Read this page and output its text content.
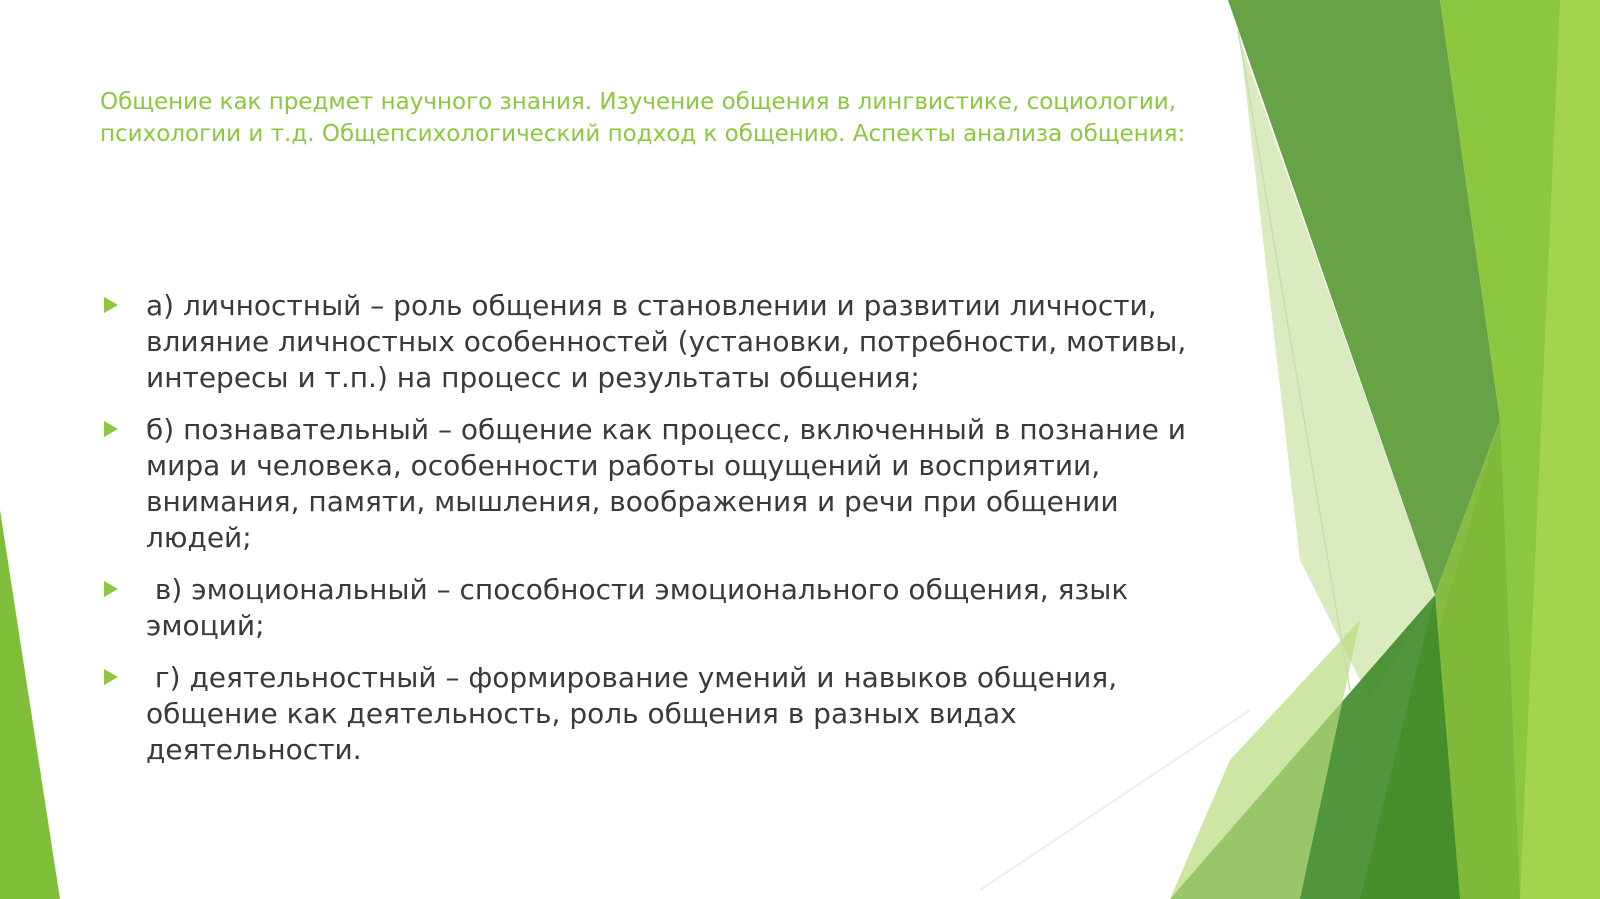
Общение как предмет научного знания. Изучение общения в лингвистике, социологии, психологии и т.д. Общепсихологический подход к общению. Аспекты анализа общения:
а) личностный – роль общения в становлении и развитии личности, влияние личностных особенностей (установки, потребности, мотивы, интересы и т.п.) на процесс и результаты общения;
б) познавательный – общение как процесс, включенный в познание и мира и человека, особенности работы ощущений и восприятии, внимания, памяти, мышления, воображения и речи при общении людей;
в) эмоциональный – способности эмоционального общения, язык эмоций;
г) деятельностный – формирование умений и навыков общения, общение как деятельность, роль общения в разных видах деятельности.
